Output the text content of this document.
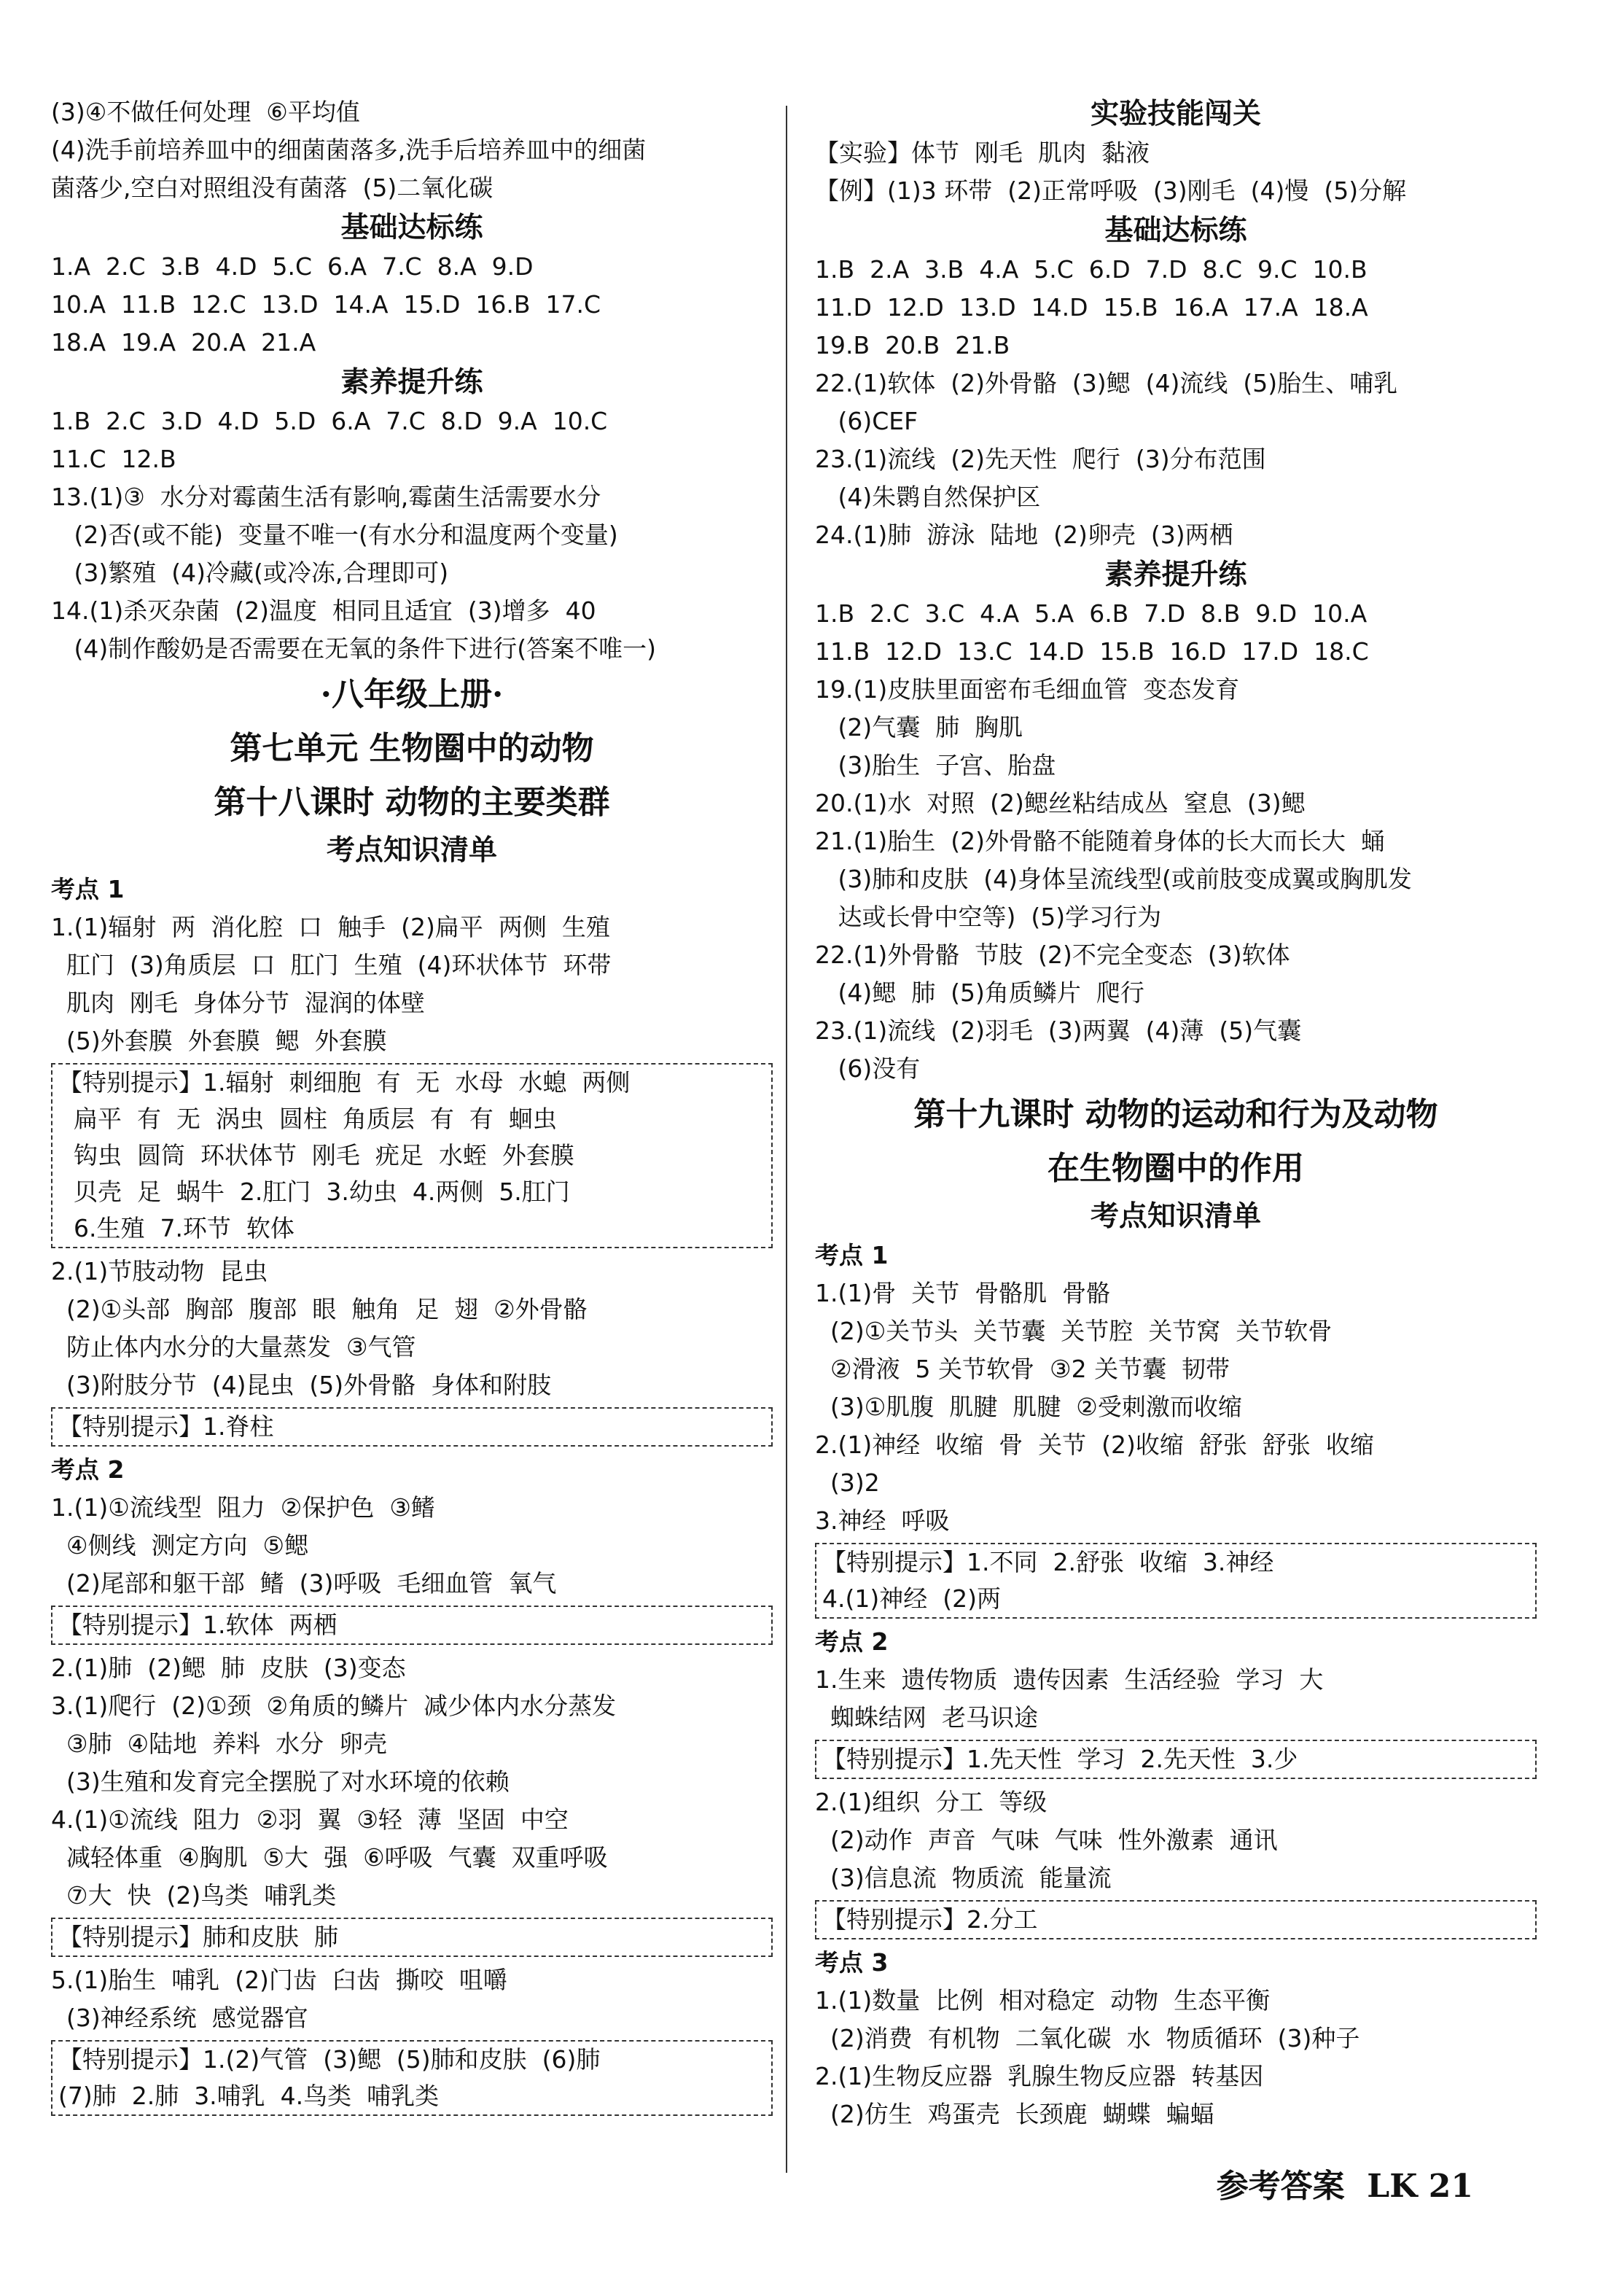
(3)④不做任何处理  ⑥平均值
(4)洗手前培养皿中的细菌菌落多,洗手后培养皿中的细菌
菌落少,空白对照组没有菌落  (5)二氧化碳
基础达标练
1.A  2.C  3.B  4.D  5.C  6.A  7.C  8.A  9.D
10.A  11.B  12.C  13.D  14.A  15.D  16.B  17.C
18.A  19.A  20.A  21.A
素养提升练
1.B  2.C  3.D  4.D  5.D  6.A  7.C  8.D  9.A  10.C
11.C  12.B
13.(1)③  水分对霉菌生活有影响,霉菌生活需要水分
(2)否(或不能)  变量不唯一(有水分和温度两个变量)
(3)繁殖  (4)冷藏(或冷冻,合理即可)
14.(1)杀灭杂菌  (2)温度  相同且适宜  (3)增多  40
(4)制作酸奶是否需要在无氧的条件下进行(答案不唯一)
·八年级上册·
第七单元 生物圈中的动物
第十八课时 动物的主要类群
考点知识清单
考点 1
1.(1)辐射  两  消化腔  口  触手  (2)扁平  两侧  生殖
肛门  (3)角质层  口  肛门  生殖  (4)环状体节  环带
肌肉  刚毛  身体分节  湿润的体壁
(5)外套膜  外套膜  鳃  外套膜
【特别提示】1.辐射  刺细胞  有  无  水母  水螅  两侧
扁平  有  无  涡虫  圆柱  角质层  有  有  蛔虫
钩虫  圆筒  环状体节  刚毛  疣足  水蛭  外套膜
贝壳  足  蜗牛  2.肛门  3.幼虫  4.两侧  5.肛门
6.生殖  7.环节  软体
2.(1)节肢动物  昆虫
(2)①头部  胸部  腹部  眼  触角  足  翅  ②外骨骼
防止体内水分的大量蒸发  ③气管
(3)附肢分节  (4)昆虫  (5)外骨骼  身体和附肢
【特别提示】1.脊柱
考点 2
1.(1)①流线型  阻力  ②保护色  ③鳍
④侧线  测定方向  ⑤鳃
(2)尾部和躯干部  鳍  (3)呼吸  毛细血管  氧气
【特别提示】1.软体  两栖
2.(1)肺  (2)鳃  肺  皮肤  (3)变态
3.(1)爬行  (2)①颈  ②角质的鳞片  减少体内水分蒸发
③肺  ④陆地  养料  水分  卵壳
(3)生殖和发育完全摆脱了对水环境的依赖
4.(1)①流线  阻力  ②羽  翼  ③轻  薄  坚固  中空
减轻体重  ④胸肌  ⑤大  强  ⑥呼吸  气囊  双重呼吸
⑦大  快  (2)鸟类  哺乳类
【特别提示】肺和皮肤  肺
5.(1)胎生  哺乳  (2)门齿  臼齿  撕咬  咀嚼
(3)神经系统  感觉器官
【特别提示】1.(2)气管  (3)鳃  (5)肺和皮肤  (6)肺
(7)肺  2.肺  3.哺乳  4.鸟类  哺乳类
实验技能闯关
【实验】体节  刚毛  肌肉  黏液
【例】(1)3 环带  (2)正常呼吸  (3)刚毛  (4)慢  (5)分解
基础达标练
1.B  2.A  3.B  4.A  5.C  6.D  7.D  8.C  9.C  10.B
11.D  12.D  13.D  14.D  15.B  16.A  17.A  18.A
19.B  20.B  21.B
22.(1)软体  (2)外骨骼  (3)鳃  (4)流线  (5)胎生、哺乳
(6)CEF
23.(1)流线  (2)先天性  爬行  (3)分布范围
(4)朱鹮自然保护区
24.(1)肺  游泳  陆地  (2)卵壳  (3)两栖
素养提升练
1.B  2.C  3.C  4.A  5.A  6.B  7.D  8.B  9.D  10.A
11.B  12.D  13.C  14.D  15.B  16.D  17.D  18.C
19.(1)皮肤里面密布毛细血管  变态发育
(2)气囊  肺  胸肌
(3)胎生  子宫、胎盘
20.(1)水  对照  (2)鳃丝粘结成丛  窒息  (3)鳃
21.(1)胎生  (2)外骨骼不能随着身体的长大而长大  蛹
(3)肺和皮肤  (4)身体呈流线型(或前肢变成翼或胸肌发
达或长骨中空等)  (5)学习行为
22.(1)外骨骼  节肢  (2)不完全变态  (3)软体
(4)鳃  肺  (5)角质鳞片  爬行
23.(1)流线  (2)羽毛  (3)两翼  (4)薄  (5)气囊
(6)没有
第十九课时 动物的运动和行为及动物
在生物圈中的作用
考点知识清单
考点 1
1.(1)骨  关节  骨骼肌  骨骼
(2)①关节头  关节囊  关节腔  关节窝  关节软骨
②滑液  5 关节软骨  ③2 关节囊  韧带
(3)①肌腹  肌腱  肌腱  ②受刺激而收缩
2.(1)神经  收缩  骨  关节  (2)收缩  舒张  舒张  收缩
(3)2
3.神经  呼吸
【特别提示】1.不同  2.舒张  收缩  3.神经
4.(1)神经  (2)两
考点 2
1.生来  遗传物质  遗传因素  生活经验  学习  大
蜘蛛结网  老马识途
【特别提示】1.先天性  学习  2.先天性  3.少
2.(1)组织  分工  等级
(2)动作  声音  气味  气味  性外激素  通讯
(3)信息流  物质流  能量流
【特别提示】2.分工
考点 3
1.(1)数量  比例  相对稳定  动物  生态平衡
(2)消费  有机物  二氧化碳  水  物质循环  (3)种子
2.(1)生物反应器  乳腺生物反应器  转基因
(2)仿生  鸡蛋壳  长颈鹿  蝴蝶  蝙蝠
参考答案  LK 21
